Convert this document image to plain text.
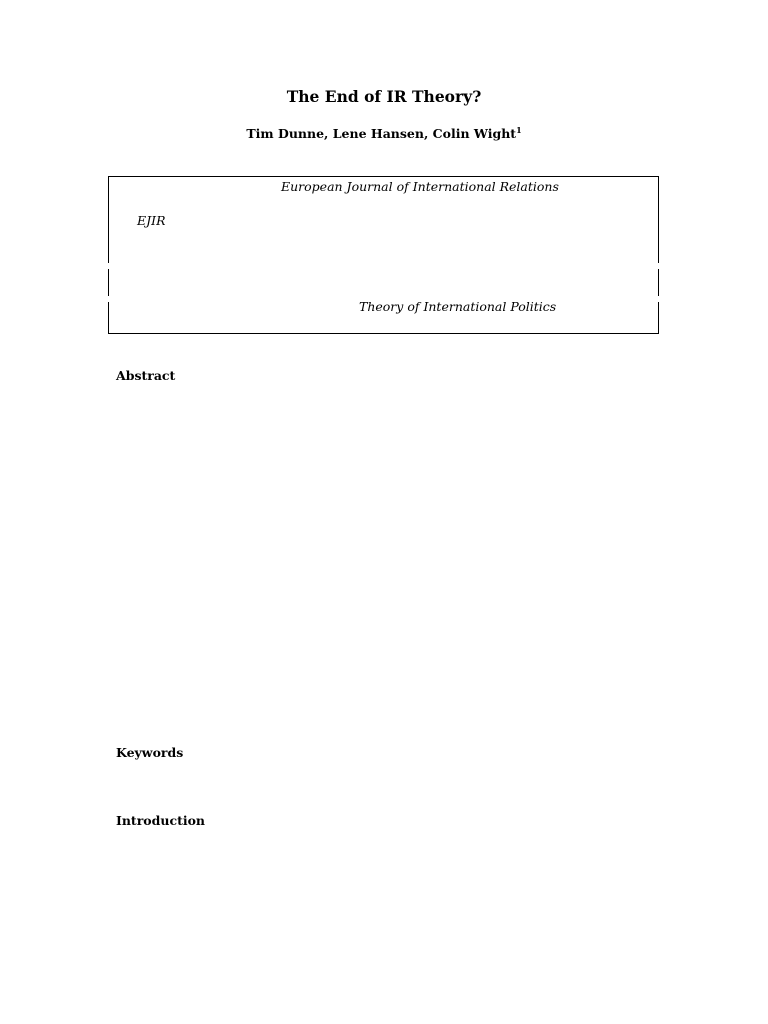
The End of IR Theory?
Tim Dunne, Lene Hansen, Colin Wight$^1$
European Journal of International Relations
EJIR
Theory of International Politics
Abstract
Keywords
Introduction
